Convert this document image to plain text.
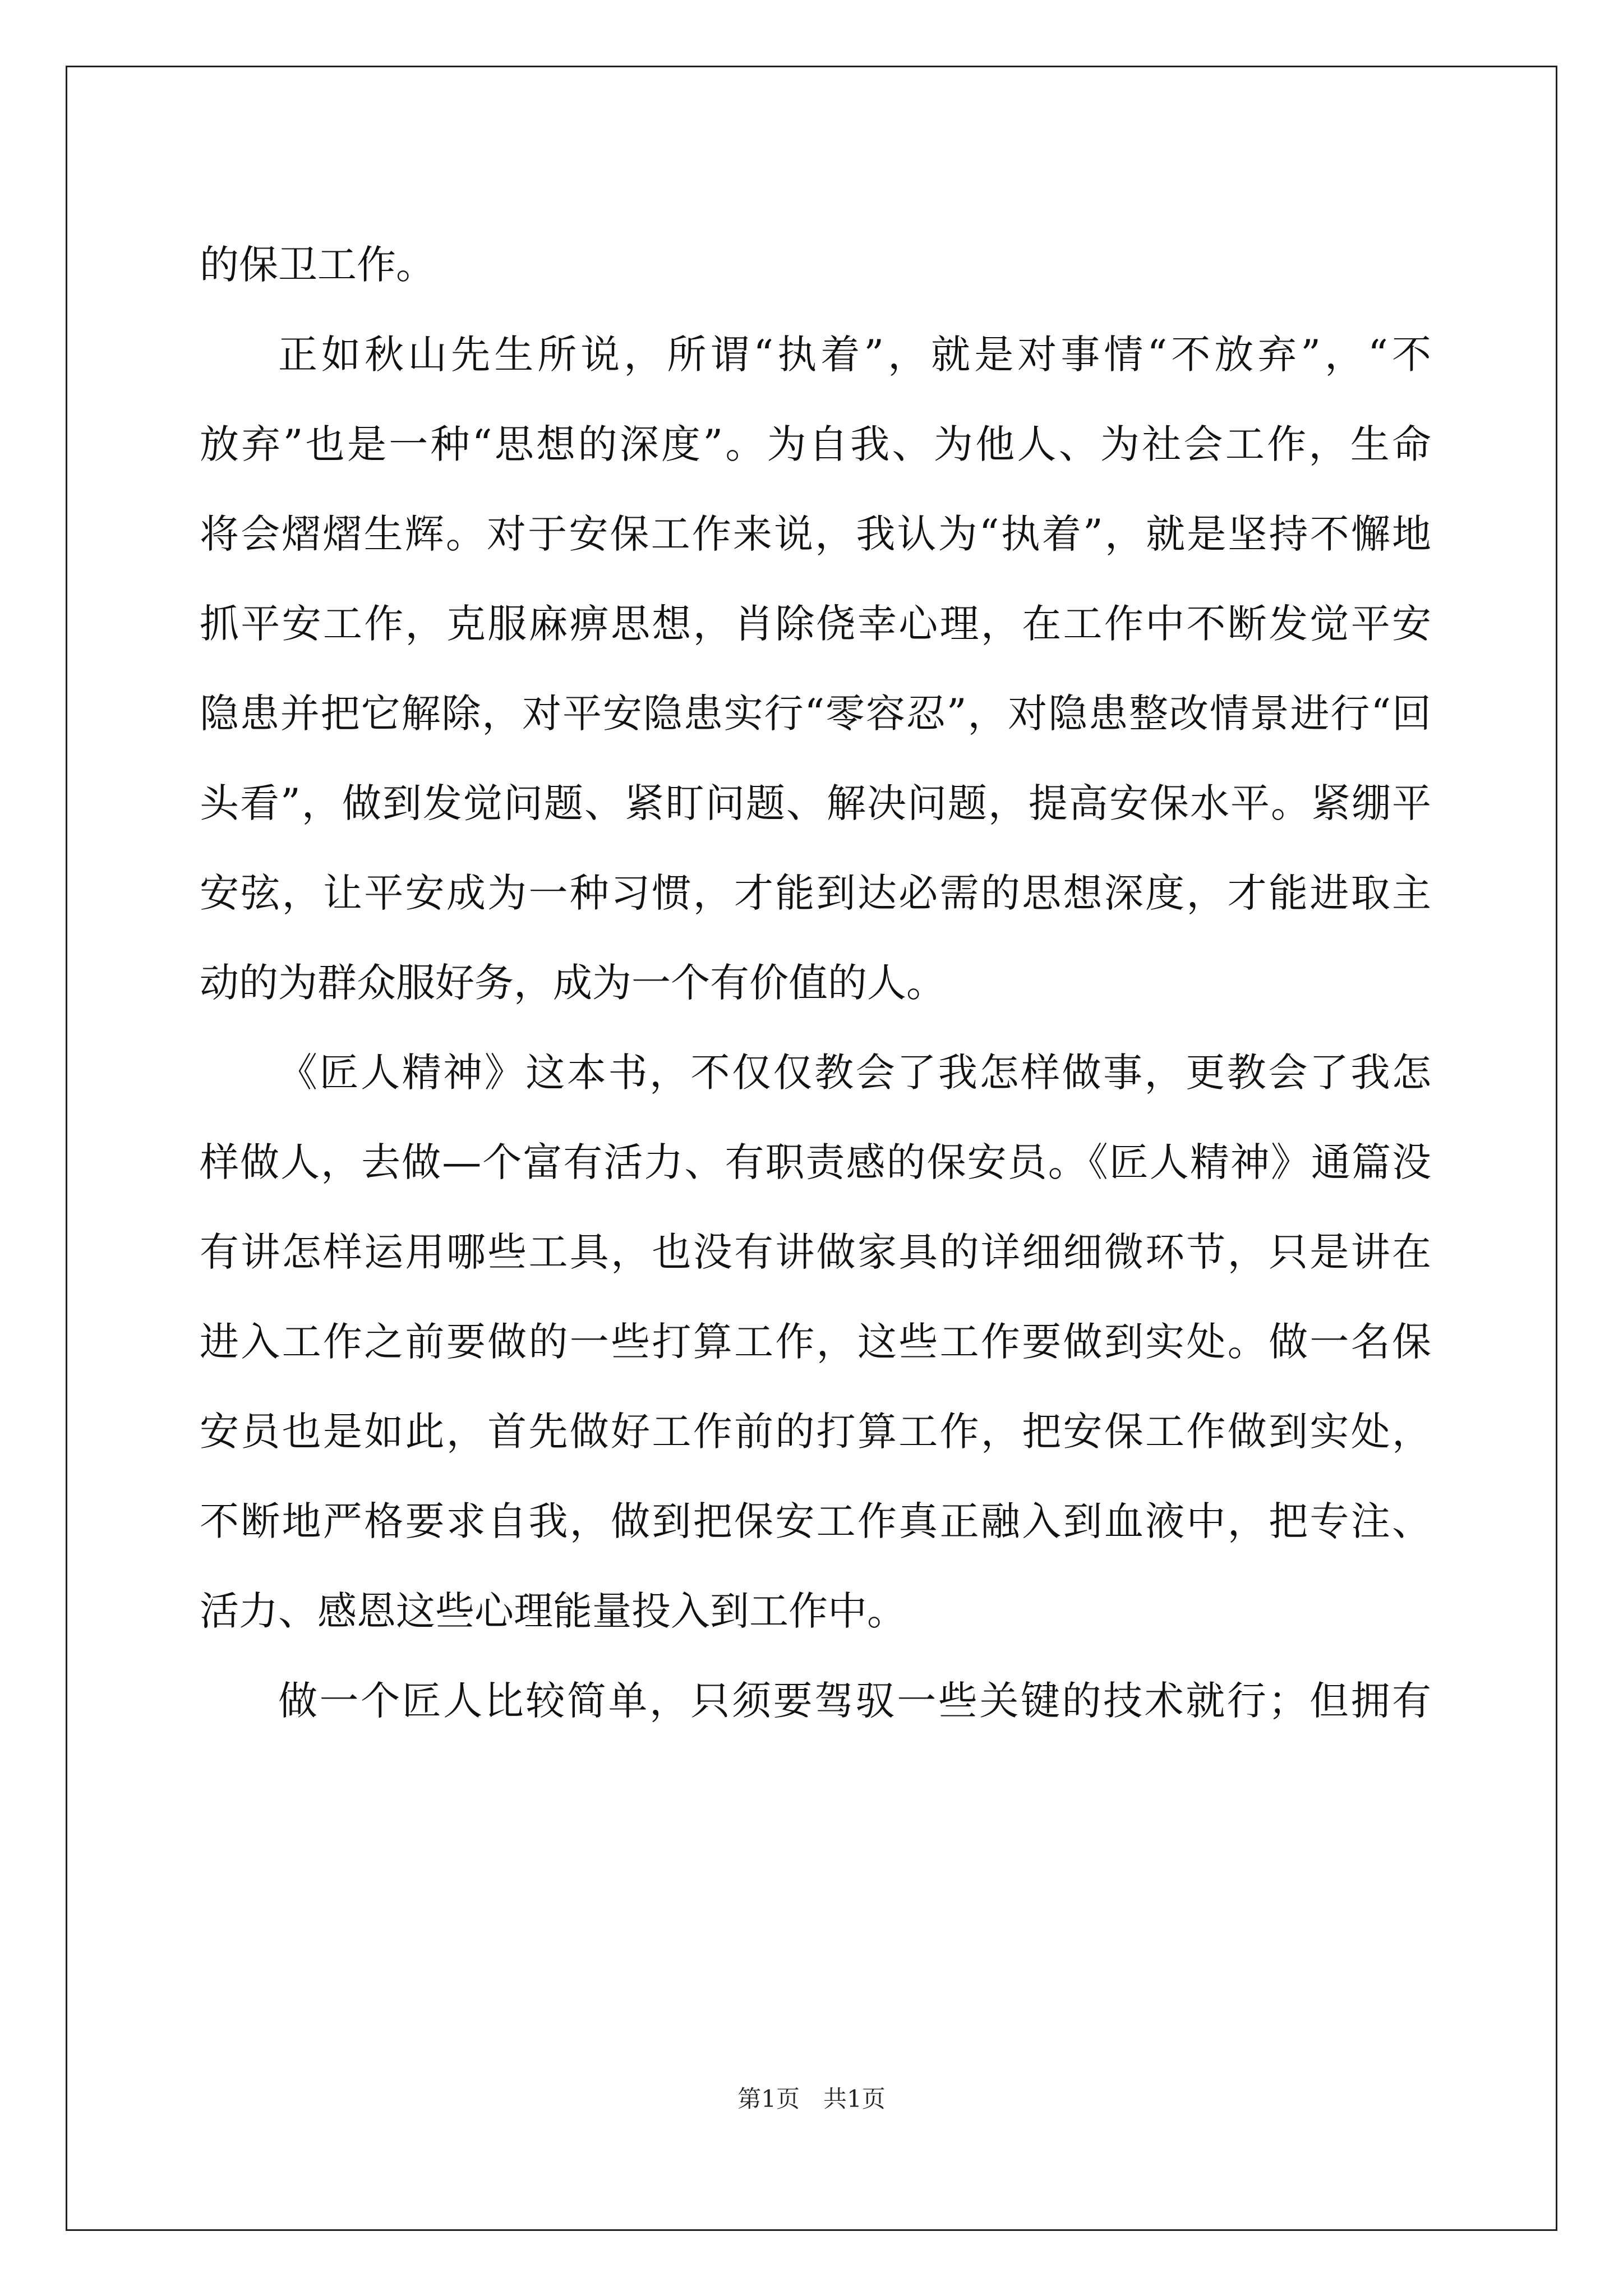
的保卫工作。
正如秋山先生所说，所谓“执着”，就是对事情“不放弃”，“不
放弃”也是一种“思想的深度”。为自我、为他人、为社会工作，生命
将会熠熠生辉。对于安保工作来说，我认为“执着”，就是坚持不懈地
抓平安工作，克服麻痹思想，肖除侥幸心理，在工作中不断发觉平安
隐患并把它解除，对平安隐患实行“零容忍”，对隐患整改情景进行“回
头看”，做到发觉问题、紧盯问题、解决问题，提高安保水平。紧绷平
安弦，让平安成为一种习惯，才能到达必需的思想深度，才能进取主
动的为群众服好务，成为一个有价值的人。
《匠人精神》这本书，不仅仅教会了我怎样做事，更教会了我怎
样做人，去做—个富有活力、有职责感的保安员。《匠人精神》通篇没
有讲怎样运用哪些工具，也没有讲做家具的详细细微环节，只是讲在
进入工作之前要做的一些打算工作，这些工作要做到实处。做一名保
安员也是如此，首先做好工作前的打算工作，把安保工作做到实处，
不断地严格要求自我，做到把保安工作真正融入到血液中，把专注、
活力、感恩这些心理能量投入到工作中。
做一个匠人比较简单，只须要驾驭一些关键的技术就行；但拥有
第1页　共1页
